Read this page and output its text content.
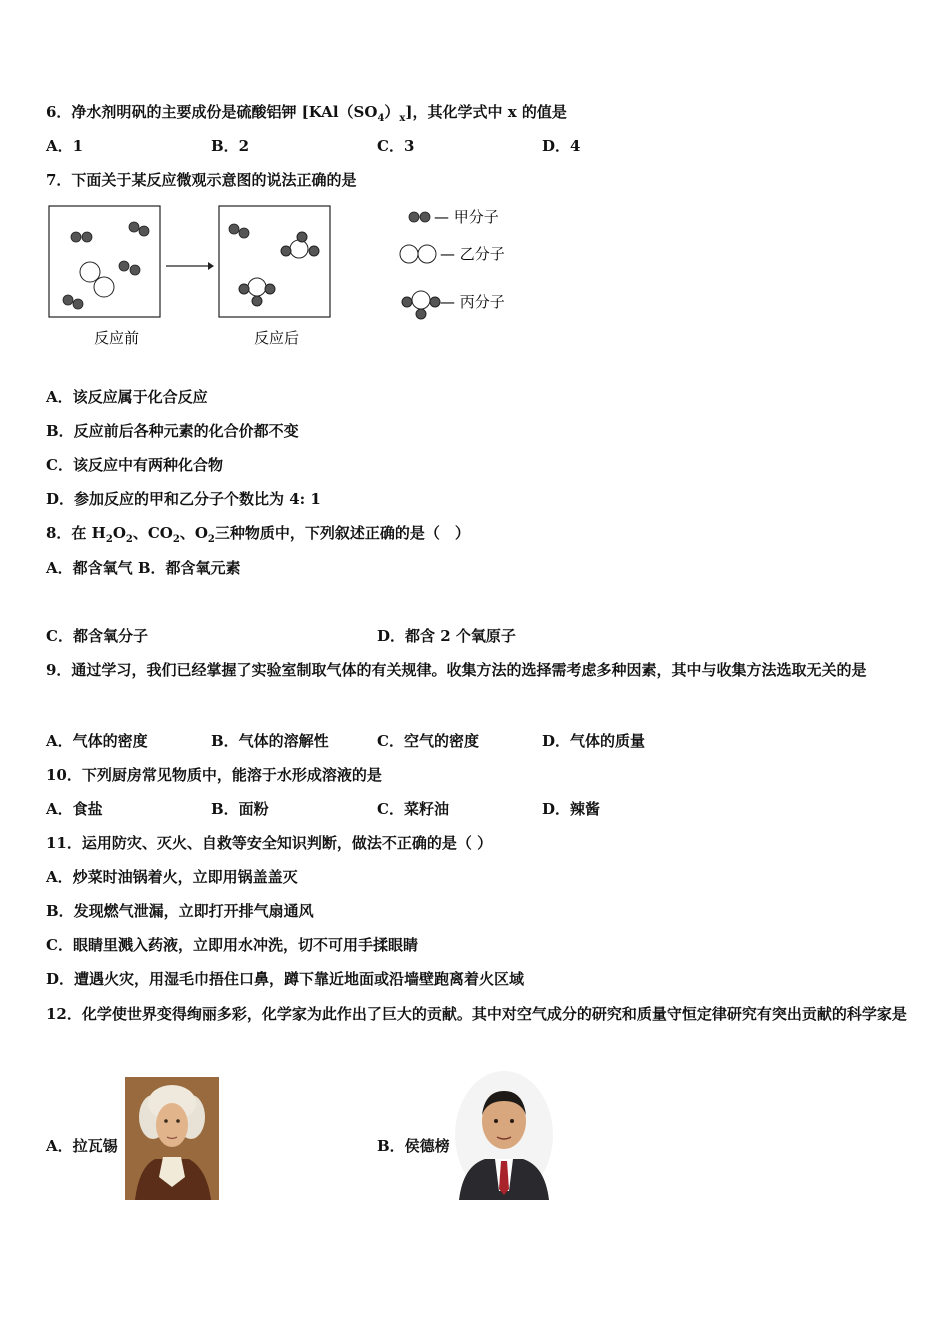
6．净水剂明矾的主要成份是硫酸铝钾 $[KAl(SO_4)_x]$，其化学式中 x 的值是
A．1	B．2	C．3	D．4
7．下面关于某反应微观示意图的说法正确的是
反应前	反应后
— 甲分子
— 乙分子
— 丙分子
A．该反应属于化合反应
B．反应前后各种元素的化合价都不变
C．该反应中有两种化合物
D．参加反应的甲和乙分子个数比为 4: 1
8．在 $H_2O_2$、$CO_2$、$O_2$三种物质中，下列叙述正确的是（　）
A．都含氧气 B．都含氧元素
C．都含氧分子	D．都含 2 个氧原子
9．通过学习，我们已经掌握了实验室制取气体的有关规律。收集方法的选择需考虑多种因素，其中与收集方法选取无关的是
A．气体的密度	B．气体的溶解性	C．空气的密度	D．气体的质量
10．下列厨房常见物质中，能溶于水形成溶液的是
A．食盐	B．面粉	C．菜籽油	D．辣酱
11．运用防灾、灭火、自救等安全知识判断，做法不正确的是（ ）
A．炒菜时油锅着火，立即用锅盖盖灭
B．发现燃气泄漏，立即打开排气扇通风
C．眼睛里溅入药液，立即用水冲洗，切不可用手揉眼睛
D．遭遇火灾，用湿毛巾捂住口鼻，蹲下靠近地面或沿墙壁跑离着火区域
12．化学使世界变得绚丽多彩，化学家为此作出了巨大的贡献。其中对空气成分的研究和质量守恒定律研究有突出贡献的科学家是
A．拉瓦锡	B．侯德榜
